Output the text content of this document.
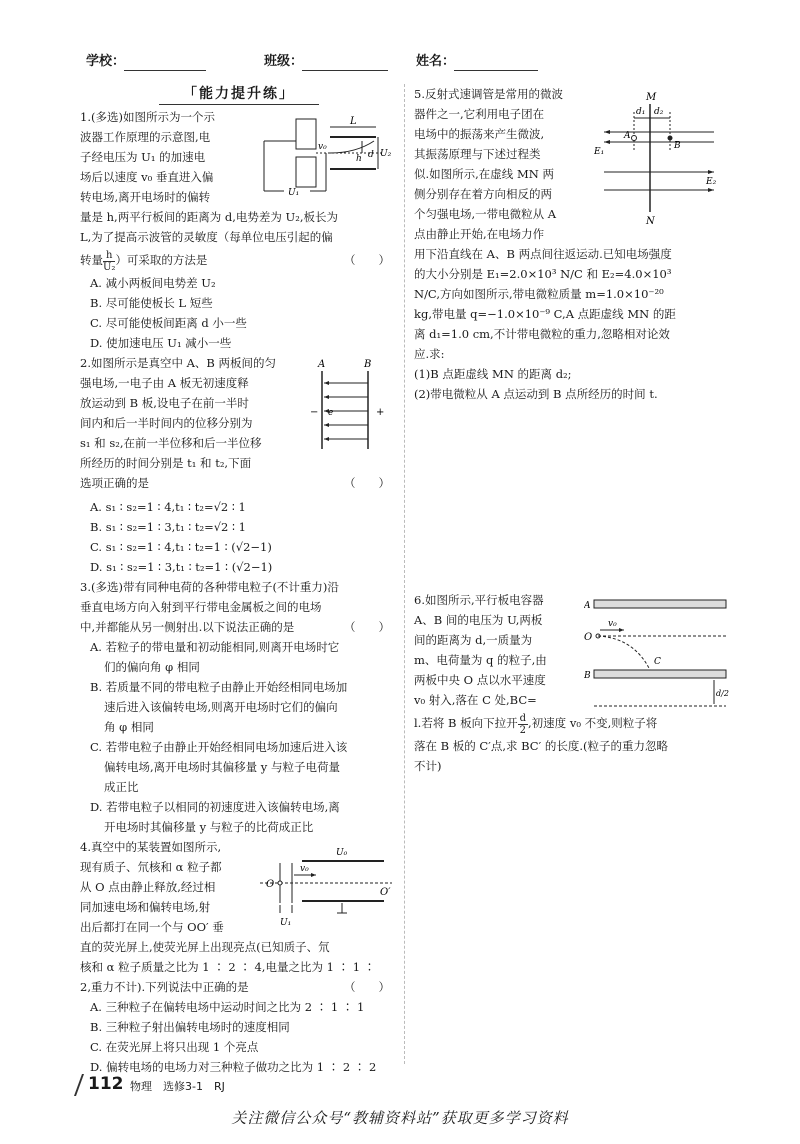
学校：	班级：	姓名：
「能力提升练」
L
v₀
h d U₂
U₁

1.(多选)如图所示为一个示

波器工作原理的示意图,电

子经电压为 U₁ 的加速电

场后以速度 v₀ 垂直进入偏

转电场,离开电场时的偏转

量是 h,两平行板间的距离为 d,电势差为 U₂,板长为

L,为了提高示波管的灵敏度（每单位电压引起的偏

转量 $\frac{h}{\text{U₂}}$）可采取的方法是	（　　）

A. 减小两板间电势差 U₂

B. 尽可能使板长 L 短些

C. 尽可能使板间距离 d 小一些

D. 使加速电压 U₁ 减小一些

A	B
e
−	+

2.如图所示是真空中 A、B 两板间的匀

强电场,一电子由 A 板无初速度释

放运动到 B 板,设电子在前一半时

间内和后一半时间内的位移分别为

s₁ 和 s₂,在前一半位移和后一半位移

所经历的时间分别是 t₁ 和 t₂,下面

选项正确的是	（　　）

A. s₁ ∶ s₂=1 ∶ 4,t₁ ∶ t₂=√2 ∶ 1

B. s₁ ∶ s₂=1 ∶ 3,t₁ ∶ t₂=√2 ∶ 1

C. s₁ ∶ s₂=1 ∶ 4,t₁ ∶ t₂=1 ∶ (√2−1)

D. s₁ ∶ s₂=1 ∶ 3,t₁ ∶ t₂=1 ∶ (√2−1)

3.(多选)带有同种电荷的各种带电粒子(不计重力)沿

垂直电场方向入射到平行带电金属板之间的电场

中,并都能从另一侧射出.以下说法正确的是	（　　）

A. 若粒子的带电量和初动能相同,则离开电场时它
们的偏向角 φ 相同
B. 若质量不同的带电粒子由静止开始经相同电场加
速后进入该偏转电场,则离开电场时它们的偏向
角 φ 相同
C. 若带电粒子由静止开始经相同电场加速后进入该
偏转电场,离开电场时其偏移量 y 与粒子电荷量
成正比
D. 若带电粒子以相同的初速度进入该偏转电场,离
开电场时其偏移量 y 与粒子的比荷成正比
U₀
v₀
O
O′
U₁

4.真空中的某装置如图所示,

现有质子、氘核和 α 粒子都

从 O 点由静止释放,经过相

同加速电场和偏转电场,射

出后都打在同一个与 OO′ 垂

直的荧光屏上,使荧光屏上出现亮点(已知质子、氘

核和 α 粒子质量之比为 1 ∶ 2 ∶ 4,电量之比为 1 ∶ 1 ∶

2,重力不计).下列说法中正确的是	（　　）

A. 三种粒子在偏转电场中运动时间之比为 2 ∶ 1 ∶ 1

B. 三种粒子射出偏转电场时的速度相同

C. 在荧光屏上将只出现 1 个亮点

D. 偏转电场的电场力对三种粒子做功之比为 1 ∶ 2 ∶ 2

M
N
d₁ d₂
A
B
E₁
E₂

5.反射式速调管是常用的微波

器件之一,它利用电子团在

电场中的振荡来产生微波,

其振荡原理与下述过程类

似.如图所示,在虚线 MN 两

侧分别存在着方向相反的两

个匀强电场,一带电微粒从 A

点由静止开始,在电场力作

用下沿直线在 A、B 两点间往返运动.已知电场强度

的大小分别是 E₁=2.0×10³ N/C 和 E₂=4.0×10³

N/C,方向如图所示,带电微粒质量 m=1.0×10⁻²⁰

kg,带电量 q=−1.0×10⁻⁹ C,A 点距虚线 MN 的距

离 d₁=1.0 cm,不计带电微粒的重力,忽略相对论效

应.求:

(1)B 点距虚线 MN 的距离 d₂;

(2)带电微粒从 A 点运动到 B 点所经历的时间 t.

A
B
O
v₀
C
d/2

6.如图所示,平行板电容器

A、B 间的电压为 U,两板

间的距离为 d,一质量为

m、电荷量为 q 的粒子,由

两板中央 O 点以水平速度

v₀ 射入,落在 C 处,BC=

l.若将 B 板向下拉开 $\frac{d}{2}$,初速度 v₀ 不变,则粒子将

落在 B 板的 C′点,求 BC′ 的长度.(粒子的重力忽略

不计)

112 物理　选修3-1　RJ
关注微信公众号“教辅资料站”获取更多学习资料
